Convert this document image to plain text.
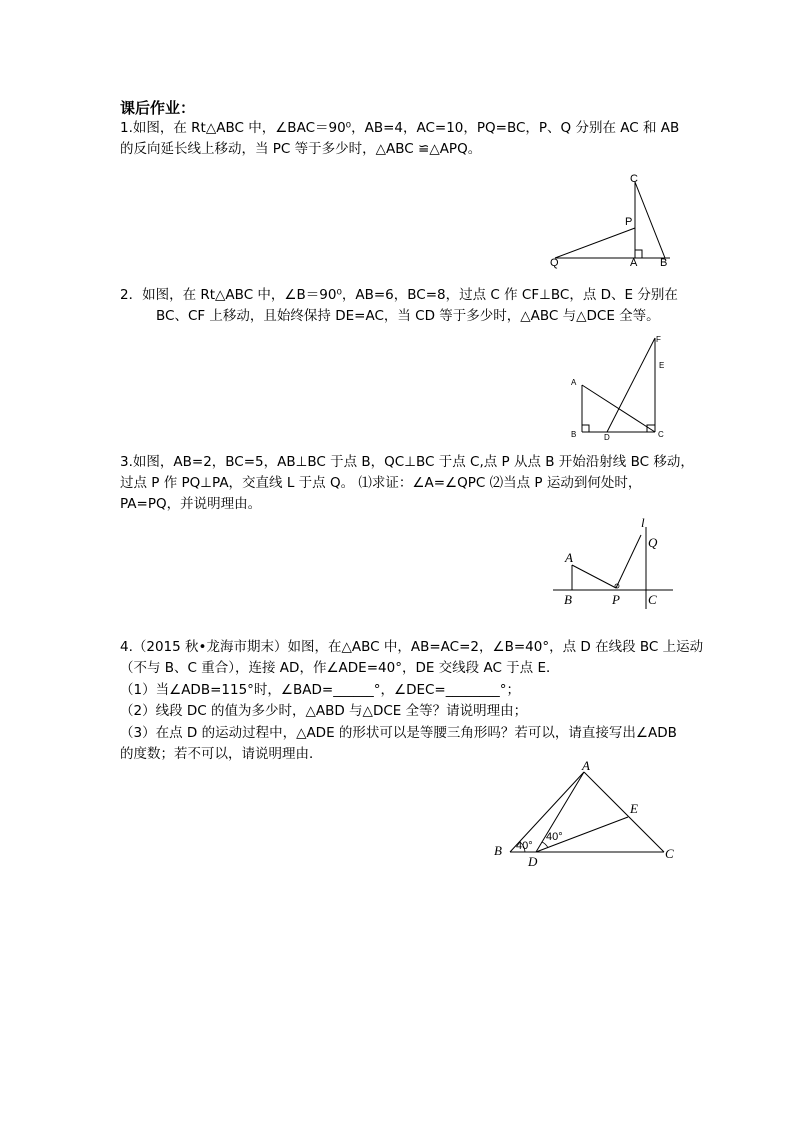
课后作业：
1.如图，在 Rt△ABC 中，∠BAC＝90⁰，AB=4，AC=10，PQ=BC，P、Q 分别在 AC 和 AB
的反向延长线上移动，当 PC 等于多少时，△ABC ≌△APQ。
C
P
Q	A B
2．如图，在 Rt△ABC 中，∠B＝90⁰，AB=6，BC=8，过点 C 作 CF⊥BC，点 D、E 分别在
BC、CF 上移动，且始终保持 DE=AC，当 CD 等于多少时，△ABC 与△DCE 全等。
F
E
A
B	D	C
3.如图，AB=2，BC=5，AB⊥BC 于点 B，QC⊥BC 于点 C,点 P 从点 B 开始沿射线 BC 移动，
过点 P 作 PQ⊥PA，交直线 L 于点 Q。 ⑴求证：∠A=∠QPC ⑵当点 P 运动到何处时，
PA=PQ，并说明理由。
l
A
Q
B	P C
4.（2015 秋•龙海市期末）如图，在△ABC 中，AB=AC=2，∠B=40°，点 D 在线段 BC 上运动
（不与 B、C 重合），连接 AD，作∠ADE=40°，DE 交线段 AC 于点 E．
（1）当∠ADB=115°时，∠BAD=______°，∠DEC=________°；
（2）线段 DC 的值为多少时，△ABD 与△DCE 全等？请说明理由；
（3）在点 D 的运动过程中，△ADE 的形状可以是等腰三角形吗？若可以，请直接写出∠ADB
的度数；若不可以，请说明理由．
A
E
B
D
C
40°
40°
